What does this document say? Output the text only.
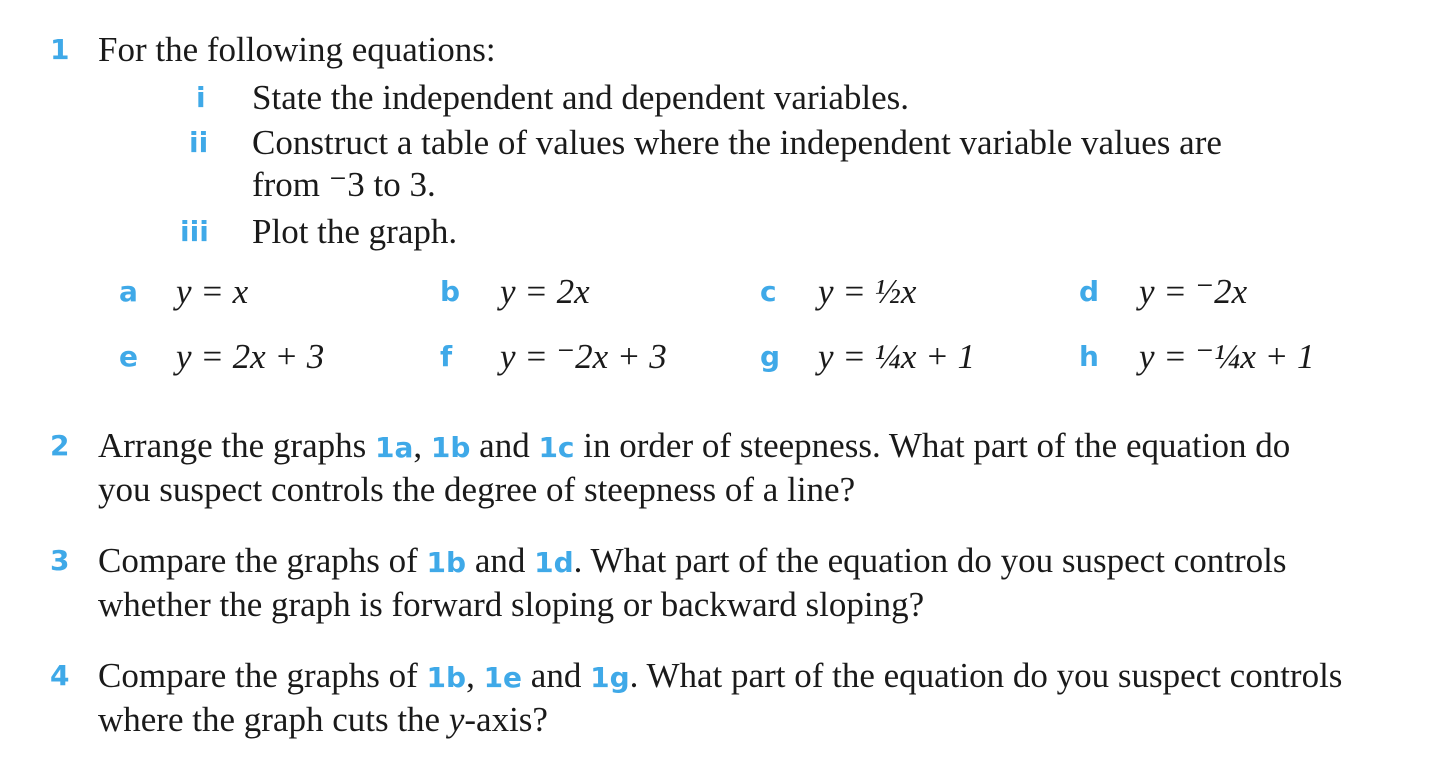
1 For the following equations:
i State the independent and dependent variables.
ii Construct a table of values where the independent variable values are
from ⁻3 to 3.
iii Plot the graph.
a y = x	b y = 2x	c y = ½x	d y = ⁻2x
e y = 2x + 3	f y = ⁻2x + 3	g y = ¼x + 1	h y = ⁻¼x + 1
2 Arrange the graphs 1a, 1b and 1c in order of steepness. What part of the equation do
you suspect controls the degree of steepness of a line?
3 Compare the graphs of 1b and 1d. What part of the equation do you suspect controls
whether the graph is forward sloping or backward sloping?
4 Compare the graphs of 1b, 1e and 1g. What part of the equation do you suspect controls
where the graph cuts the y-axis?
